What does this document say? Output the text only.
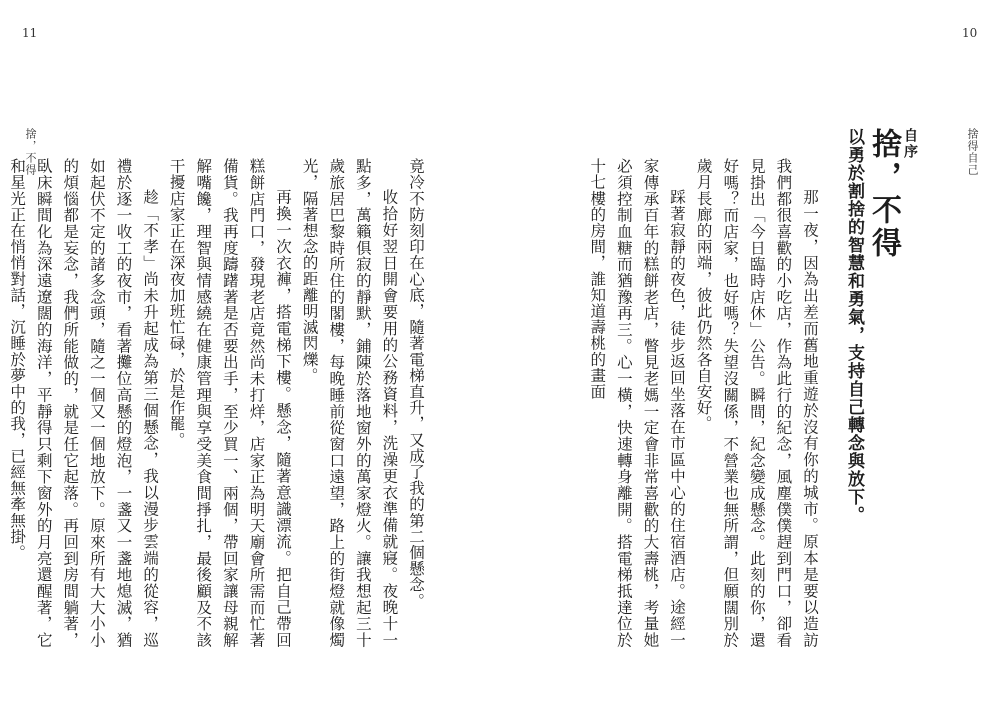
11
捨，不得

竟冷不防刻印在心底，隨著電梯直升，又成了我的第二個懸念。

收拾好翌日開會要用的公務資料，洗澡更衣準備就寢。夜晚十一點多，萬籟俱寂的靜默，鋪陳於落地窗外的萬家燈火。讓我想起三十歲旅居巴黎時所住的閣樓，每晚睡前從窗口遠望，路上的街燈就像燭光，隔著想念的距離明滅閃爍。

再換一次衣褲，搭電梯下樓。懸念，隨著意識漂流。把自己帶回糕餅店門口，發現老店竟然尚未打烊，店家正為明天廟會所需而忙著備貨。我再度躊躇著是否要出手，至少買一、兩個，帶回家讓母親解解嘴饞，理智與情感繞在健康管理與享受美食間掙扎，最後顧及不該干擾店家正在深夜加班忙碌，於是作罷。

趁「不孝」尚未升起成為第三個懸念，我以漫步雲端的從容，巡禮於逐一收工的夜市，看著攤位高懸的燈泡，一盞又一盞地熄滅，猶如起伏不定的諸多念頭，隨之一個又一個地放下。原來所有大大小小的煩惱都是妄念，我們所能做的，就是任它起落。再回到房間躺著，臥床瞬間化為深遠遼闊的海洋，平靜得只剩下窗外的月亮還醒著，它和星光正在悄悄對話，沉睡於夢中的我，已經無牽無掛。

10
捨得自己
自序
捨，不得
以勇於割捨的智慧和勇氣，支持自己轉念與放下。

那一夜，因為出差而舊地重遊於沒有你的城市。原本是要以造訪我們都很喜歡的小吃店，作為此行的紀念，風塵僕僕趕到門口，卻看見掛出「今日臨時店休」公告。瞬間，紀念變成懸念。此刻的你，還好嗎？而店家，也好嗎？失望沒關係，不營業也無所謂，但願闊別於歲月長廊的兩端，彼此仍然各自安好。

踩著寂靜的夜色，徒步返回坐落在市區中心的住宿酒店。途經一家傳承百年的糕餅老店，瞥見老媽一定會非常喜歡的大壽桃，考量她必須控制血糖而猶豫再三。心一橫，快速轉身離開。搭電梯抵達位於十七樓的房間，誰知道壽桃的畫面
